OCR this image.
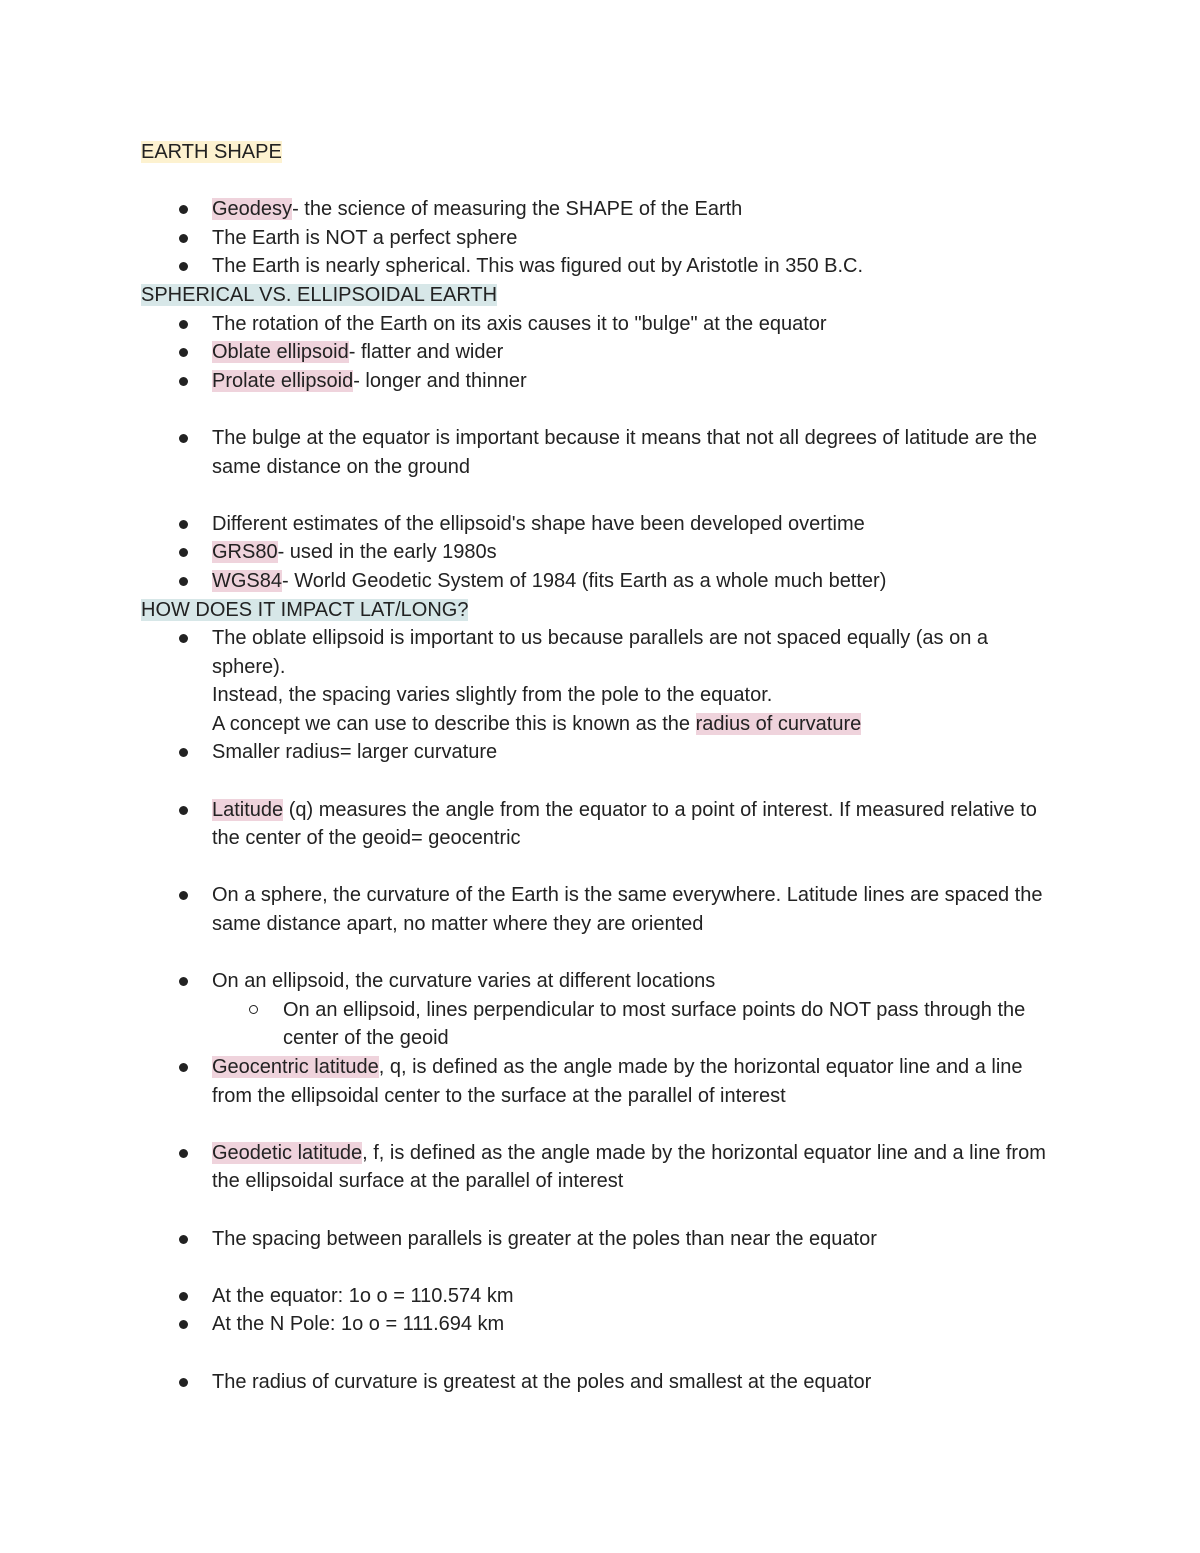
EARTH SHAPE
Geodesy- the science of measuring the SHAPE of the Earth
The Earth is NOT a perfect sphere
The Earth is nearly spherical. This was figured out by Aristotle in 350 B.C.
SPHERICAL VS. ELLIPSOIDAL EARTH
The rotation of the Earth on its axis causes it to "bulge" at the equator
Oblate ellipsoid- flatter and wider
Prolate ellipsoid- longer and thinner
The bulge at the equator is important because it means that not all degrees of latitude are the same distance on the ground
Different estimates of the ellipsoid's shape have been developed overtime
GRS80- used in the early 1980s
WGS84- World Geodetic System of 1984 (fits Earth as a whole much better)
HOW DOES IT IMPACT LAT/LONG?
The oblate ellipsoid is important to us because parallels are not spaced equally (as on a sphere).
Instead, the spacing varies slightly from the pole to the equator.
A concept we can use to describe this is known as the radius of curvature
Smaller radius= larger curvature
Latitude (q) measures the angle from the equator to a point of interest. If measured relative to the center of the geoid= geocentric
On a sphere, the curvature of the Earth is the same everywhere. Latitude lines are spaced the same distance apart, no matter where they are oriented
On an ellipsoid, the curvature varies at different locations
On an ellipsoid, lines perpendicular to most surface points do NOT pass through the center of the geoid
Geocentric latitude, q, is defined as the angle made by the horizontal equator line and a line from the ellipsoidal center to the surface at the parallel of interest
Geodetic latitude, f, is defined as the angle made by the horizontal equator line and a line from the ellipsoidal surface at the parallel of interest
The spacing between parallels is greater at the poles than near the equator
At the equator: 1o o = 110.574 km
At the N Pole: 1o o = 111.694 km
The radius of curvature is greatest at the poles and smallest at the equator
